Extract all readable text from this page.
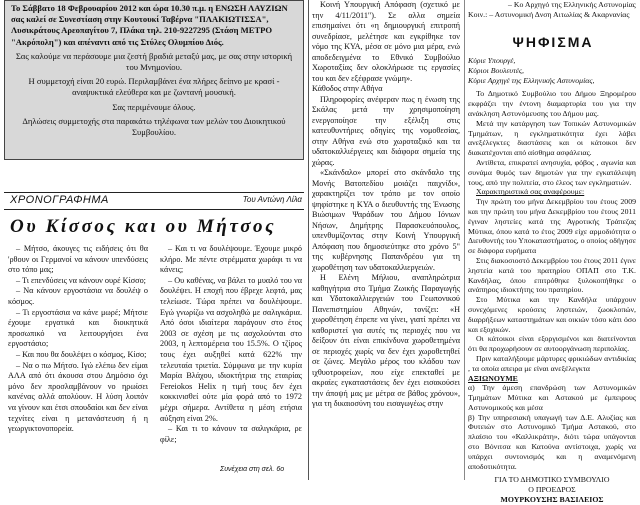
Το Σάββατο 18 Φεβρουαρίου 2012 και ώρα 10.30 π.μ. η ΕΝΩΣΗ ΛΑΥΖΙΩΝ σας καλεί σε Συνεστίαση στην Κουτουκί Ταβέρνα "ΠΛΑΚΙΩΤΙΣΣΑ", Λυσικράτους Αρεοπαγίτου 7, Πλάκα τηλ. 210-9227295 (Στάση ΜΕΤΡΟ "Ακρόπολη") και απέναντι από τις Στύλες Ολυμπίου Διός.

Σας καλούμε να περάσουμε μια ζεστή βραδιά μεταξύ μας, με σας στην ιστορική του Μνημονίου.

Η συμμετοχή είναι 20 ευρώ. Περιλαμβάνει ένα πλήρες δείπνο με κρασί - αναψυκτικά ελεύθερα και με ζωντανή μουσική.

Σας περιμένουμε όλους.

Δηλώσεις συμμετοχής στα παρακάτω τηλέφωνα των μελών του Διοικητικού Συμβουλίου.

ΧΡΟΝΟΓΡΑΦΗΜΑ	Του Αντώνη Λίλα
Ου Κίσσος και ου Μήτσος

– Μήτσο, άκουγες τις ειδήσεις ότι θα 'ρθουν οι Γερμανοί να κάνουν υπενδύσεις στο τόπο μας;

– Τι επενδύσεις να κάνουν ουρέ Κίσσο;

– Να κάνουν εργοστάσια να δουλέψ ο κόσμος.

– Τι εργοστάσια να κάνε μωρέ; Μήτσιε έχουμε εργατικά και διοικητικά προσωπικό να λειτουργήσει ένα εργοστάσιο;

– Και που θα δουλέψει ο κόσμος, Κίσο;

– Να ο πω Μήτσο. Ιγώ ελέπω δεν είμαι ΑΛΑ από ότι άκουσα στου Δημόσιο όχι μόνο δεν προσλαμβάνουν νο ηρωίσει κανένας αλλά απολύουν. Η λύση λοιπόν να γίνουν και έτσι σπουδαίοι και δεν είναι τεχνίτες είναι η μετανάστευση ή η γεωργικτονοπορεία.

– Και τι να δουλέψουμε. Έχουμε μικρό κλήρο. Με πέντε στρέμματα χωράφι τι να κάνεις;

– Ου καθένας, να βάλει το μυαλό του να δουλέψει. Η εποχή που έβρεχε λεφτά, μας τελείωσε. Τώρα πρέπει να δουλέψουμε. Εγώ γνωρίζω να ασχοληθώ με σαλιγκάρια. Από όσοι ιδιαίτερα παράγουν στο έτος 2003 σε σχέση με τις ασχολούνται στο 2003, η λεπτομέρεια του 15.5%. Ο τζίρος τους έχει αυξηθεί κατά 622% την τελευταία τριετία. Σύμφωνα με την κυρία Μαρία Βλάχου, ιδιοκτήτρια της εταιρίας Fereiokos Helix η τιμή τους δεν έχει κοκκινισθεί ούτε μία φορά από το 1972 μέχρι σήμερα. Αντίθετα η μέση ετήσια αύξηση είναι 2%.

– Και τι το κάνουν τα σαλιγκάρια, ρε φίλε;

Συνέχεια στη σελ. 6ο

Κοινή Υπουργική Απόφαση (σχετικό με την 4/11/2011"). Σε αλλα σημεία επισημαίνει ότι «η δημιουργική επιτροπή συνεδρίασε, μελέτησε και εγκρίθηκε τον νόμο της ΚΥΑ, μέσα σε μόνο μια μέρα, ενώ αποδεδειγμένα το Εθνικό Συμβούλιο Χωροταξίας δεν ολοκλήρωσε τις εργασίες του και δεν εξέφρασε γνώμη».

Κάθοδος στην Αθήνα

Πληροφορίες ανέφεραν πως η ένωση της Σκάλας μετά την χρησιμοποίηση ενεργοποίησε την εξέλιξη στις κατευθυντήριες οδηγίες της νομοθεσίας, στην Αθήνα ενώ στο χωροταξικό και τα υδατοκαλλιέργειες και διάφορα σημεία της χώρας.

«Σκάνδαλο» μπορεί στο σκάνδαλο της Μονής Βατοπεδίου μοιάζει παιχνίδι», χαρακτηρίζει τον τρόπο με τον οποίο ψηφίστηκε η ΚΥΑ ο διευθυντής της Ένωσης Βιώσιμων Ψαράδων του Δήμου Ιόνιων Νήσων, Δημήτρης Παρασκευόπουλος, υπενθυμίζοντας στην Κοινή Υπουργική Απόφαση που δημοσιεύτηκε στο χρόνο 5" της κυβέρνησης Παπανδρέου για τη χωροθέτηση των υδατοκαλλιεργειών.

Η Ελένη Μήλιου, αναπληρώτρια καθηγήτρια στο Τμήμα Ζωικής Παραγωγής και Υδατοκαλλιεργειών του Γεωπονικού Πανεπιστημίου Αθηνών, τονίζει: «Η χωροθέτηση έπρεπε να γίνει, γιατί πρέπει να καθοριστεί για αυτές τις περιοχές που να δείξουν ότι είναι επικίνδυνα χωροθετημένα σε περιοχές χωρίς να δεν έχει χωροθετηθεί σε ζώνες. Μεγάλο μέρος του κλάδου των ιχθυοτροφείων, που είχε επεκταθεί με ακραίες εγκαταστάσεις δεν έχει εισακούσει την άποψή μας με μέτρα σε βάθος χρόνου», για τη δικαιοσύνη του εισαγωγέως στην

– Κο Αρχηγό της Ελληνικής Αστυνομίας
Κοιν.: – Αστυνομική Δνση Αιτωλίας & Ακαρνανίας
ΨΗΦΙΣΜΑ

Κύριε Υπουργέ,

Κύριοι Βουλευτές,

Κύριε Αρχηγέ της Ελληνικής Αστυνομίας,

Το Δημοτικό Συμβούλιο του Δήμου Ξηρομέρου εκφράζει την έντονη διαμαρτυρία του για την ανάκληση Αστυνόμευσης του Δήμου μας.

Μετά την κατάργηση των Τοπικών Αστυνομικών Τμημάτων, η εγκληματικότητα έχει λάβει ανεξέλεγκτες διαστάσεις και οι κάτοικοι δεν διακατέχονται από αίσθημα ασφάλειας.

Αντίθετα, επικρατεί ανησυχία, φόβος , αγωνία και συνάμα θυμός των δημοτών για την εγκατάλειψη τους, από την πολιτεία, στο έλεος των εγκληματιών.

Χαρακτηριστικά σας αναφέρουμε:

Την πρώτη του μήνα Δεκεμβρίου του έτους 2009 και την πρώτη του μήνα Δεκεμβρίου του έτους 2011 έγιναν ληστείες κατά της Αγροτικής Τράπεζας Μύτικα, όπου κατά το έτος 2009 είχε αρμοδιότητα ο Διευθυντής του Υποκαταστήματος, ο οποίος οδήγησε σε διάφορα ευρήματα

Στις διακοσιοστό Δεκεμβρίου του έτους 2011 έγινε ληστεία κατά του πρατηρίου ΟΠΑΠ στο Τ.Κ. Κανδήλας, όπου επιτρόθηκε ξυλοκοπήθηκε ο ανάπηρος ιδιοκτήτης του πρατηρίου.

Στο Μύτικα και την Κανδήλα υπάρχουν συνεχόμενες κρούσεις ληστειών, ζωοκλοπών, διαρρήξεων καταστημάτων και οικιών τόσο κάτι όσο και εξοχικών.

Οι κάτοικοι είναι εξοργισμένοι και διατείνονται ότι θα προχωρήσουν σε αυτοοργάνωση περιπολίας.

Πριν καταλήξουμε μάρτυρες φρικιώδων αντιδικίας , τα οποία απειρα με είναι ανεξέλεγκτα

ΑΞΙΩΝΟΥΜΕ

α) Την άμεση επανδρώση των Αστυνομικών Τμημάτων Μύτικα και Αστακού με έμπειρους Αστυνομικούς και μέσα

β) Την υπηρεσιακή υπαγωγή των Δ.Ε. Αλυζίας και Φυτειών στο Αστυνομικό Τμήμα Αστακού, στο πλαίσιο του «Καλλικράτη», διότι τώρα υπάγονται στο Βόνιτσα και Κατούνα αντίστοιχα, χωρίς να υπάρχει συντονισμός και η αναμενόμενη αποδοτικότητα.

ΓΙΑ ΤΟ ΔΗΜΟΤΙΚΟ ΣΥΜΒΟΥΛΙΟ

Ο ΠΡΟΕΔΡΟΣ

ΜΟΥΡΚΟΥΣΗΣ ΒΑΣΙΛΕΙΟΣ
